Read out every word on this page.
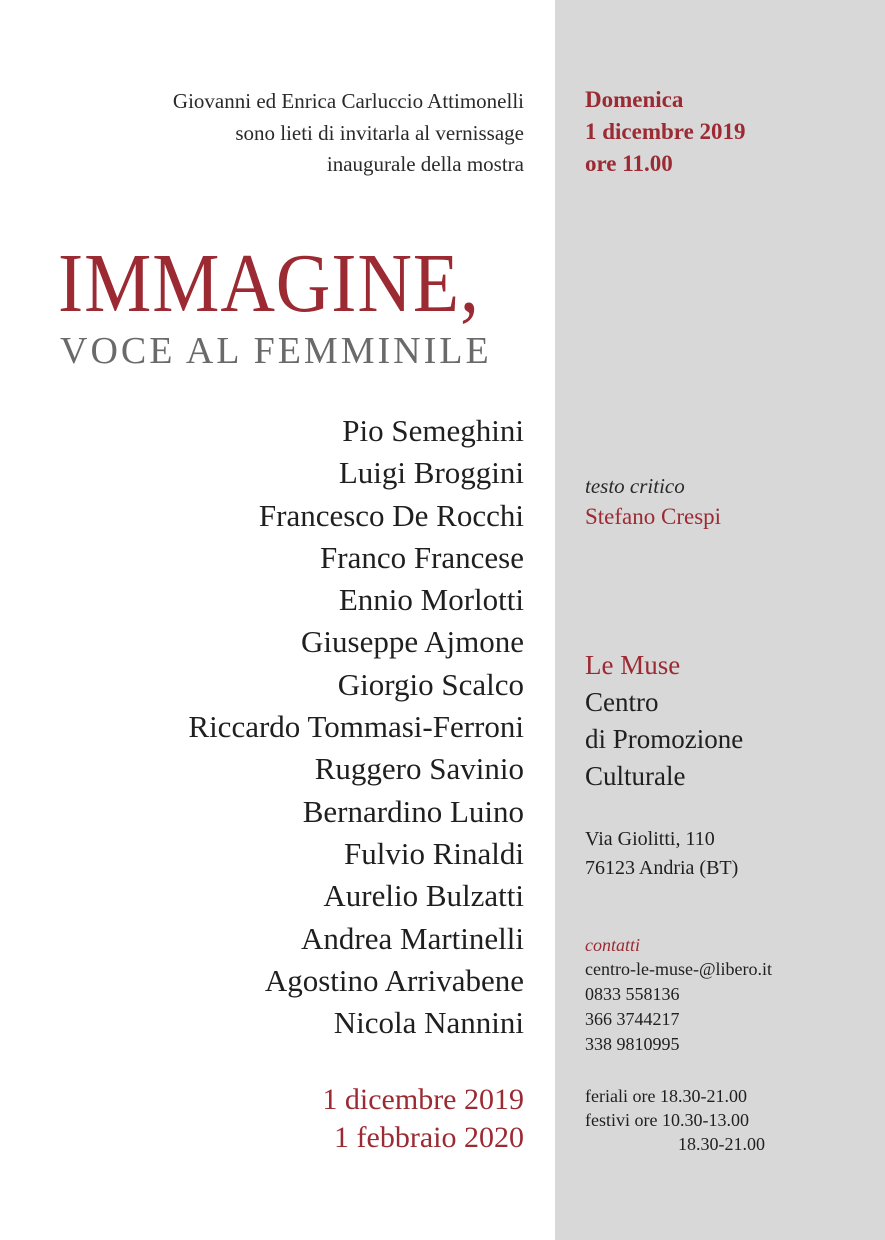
Giovanni ed Enrica Carluccio Attimonelli
sono lieti di invitarla al vernissage
inaugurale della mostra
IMMAGINE,
VOCE AL FEMMINILE
Pio Semeghini
Luigi Broggini
Francesco De Rocchi
Franco Francese
Ennio Morlotti
Giuseppe Ajmone
Giorgio Scalco
Riccardo Tommasi-Ferroni
Ruggero Savinio
Bernardino Luino
Fulvio Rinaldi
Aurelio Bulzatti
Andrea Martinelli
Agostino Arrivabene
Nicola Nannini
1 dicembre 2019
1 febbraio 2020
Domenica
1 dicembre 2019
ore 11.00
testo critico
Stefano Crespi
Le Muse
Centro
di Promozione
Culturale
Via Giolitti, 110
76123 Andria (BT)
contatti
centro-le-muse-@libero.it
0833 558136
366 3744217
338 9810995
feriali ore 18.30-21.00
festivi ore 10.30-13.00
18.30-21.00
